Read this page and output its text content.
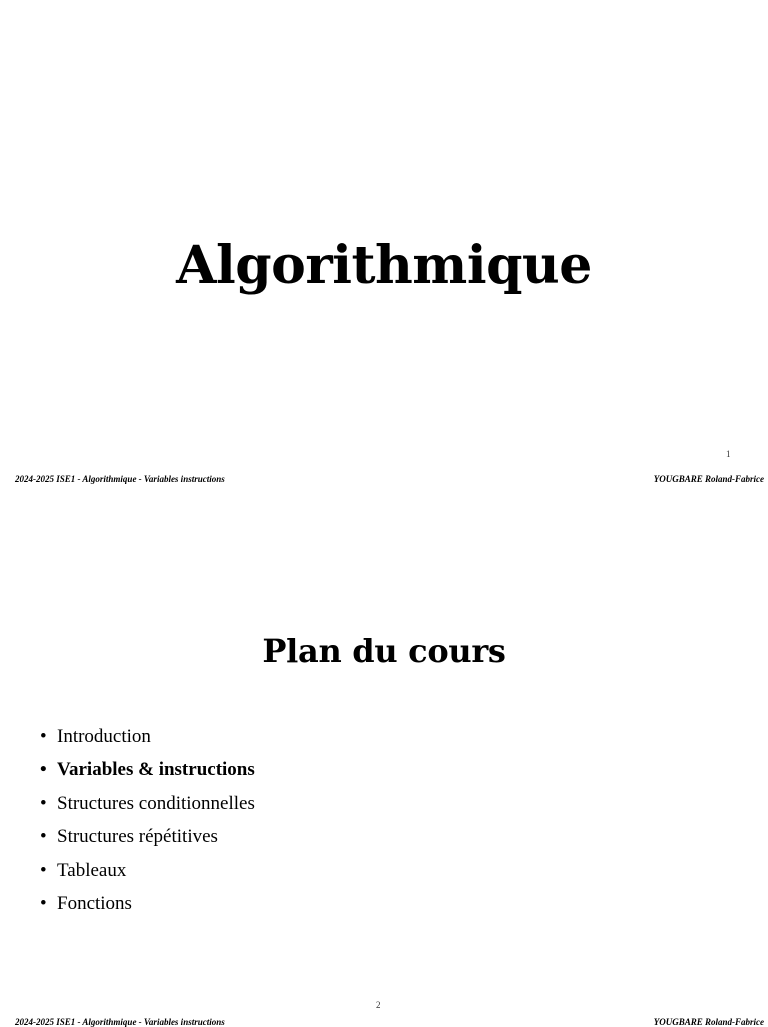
Algorithmique
1
2024-2025 ISE1 - Algorithmique - Variables instructions	YOUGBARE Roland-Fabrice
Plan du cours
• Introduction
• Variables & instructions
• Structures conditionnelles
• Structures répétitives
• Tableaux
• Fonctions
2
2024-2025 ISE1 - Algorithmique - Variables instructions	YOUGBARE Roland-Fabrice
